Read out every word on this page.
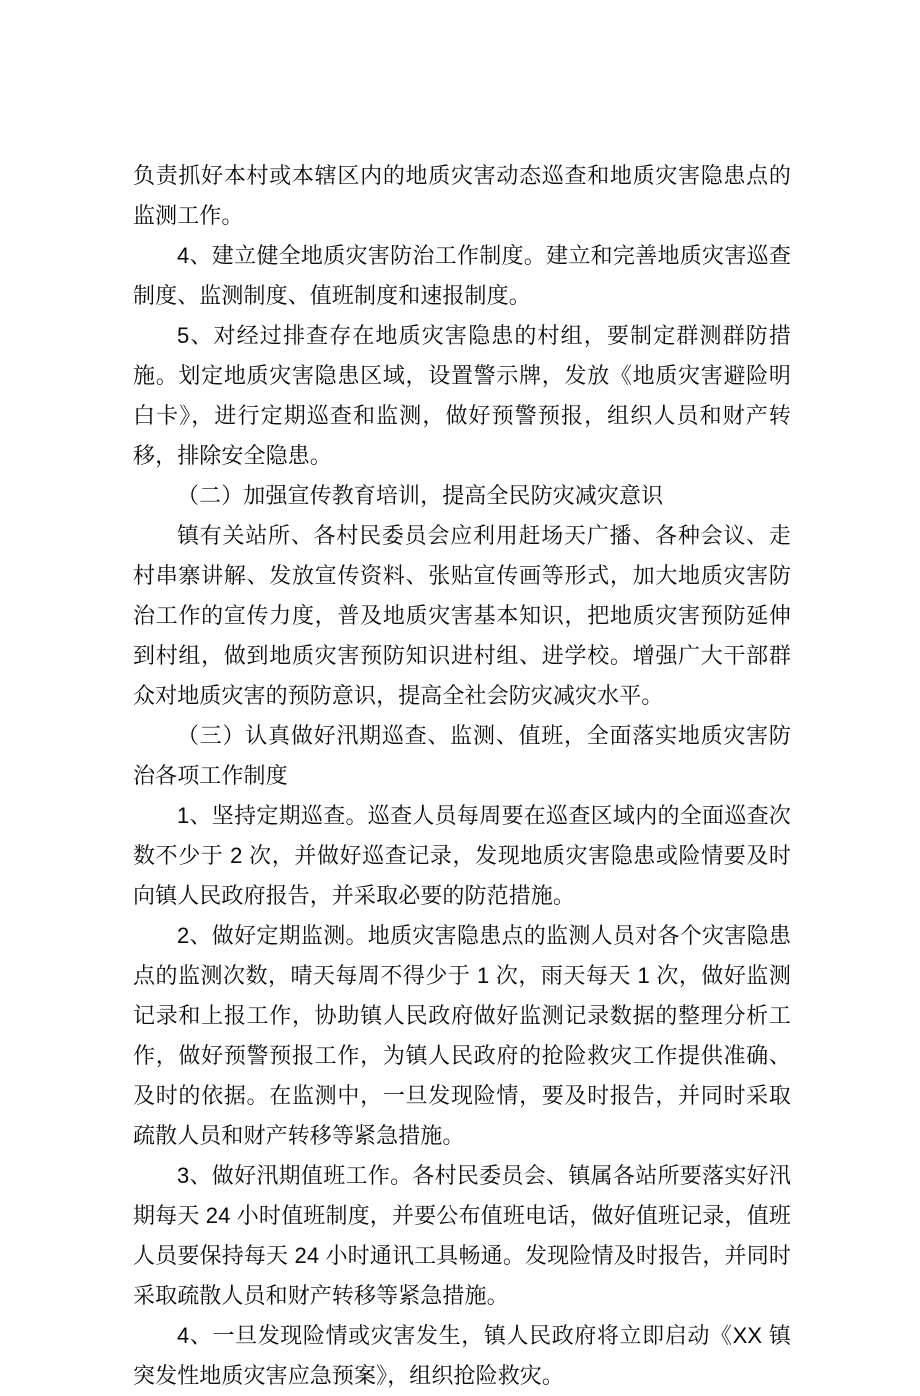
负责抓好本村或本辖区内的地质灾害动态巡查和地质灾害隐患点的监测工作。

4、建立健全地质灾害防治工作制度。建立和完善地质灾害巡查制度、监测制度、值班制度和速报制度。

5、对经过排查存在地质灾害隐患的村组，要制定群测群防措施。划定地质灾害隐患区域，设置警示牌，发放《地质灾害避险明白卡》，进行定期巡查和监测，做好预警预报，组织人员和财产转移，排除安全隐患。

（二）加强宣传教育培训，提高全民防灾减灾意识

镇有关站所、各村民委员会应利用赶场天广播、各种会议、走村串寨讲解、发放宣传资料、张贴宣传画等形式，加大地质灾害防治工作的宣传力度，普及地质灾害基本知识，把地质灾害预防延伸到村组，做到地质灾害预防知识进村组、进学校。增强广大干部群众对地质灾害的预防意识，提高全社会防灾减灾水平。

（三）认真做好汛期巡查、监测、值班，全面落实地质灾害防治各项工作制度

1、坚持定期巡查。巡查人员每周要在巡查区域内的全面巡查次数不少于 2 次，并做好巡查记录，发现地质灾害隐患或险情要及时向镇人民政府报告，并采取必要的防范措施。

2、做好定期监测。地质灾害隐患点的监测人员对各个灾害隐患点的监测次数，晴天每周不得少于 1 次，雨天每天 1 次，做好监测记录和上报工作，协助镇人民政府做好监测记录数据的整理分析工作，做好预警预报工作，为镇人民政府的抢险救灾工作提供准确、及时的依据。在监测中，一旦发现险情，要及时报告，并同时采取疏散人员和财产转移等紧急措施。

3、做好汛期值班工作。各村民委员会、镇属各站所要落实好汛期每天 24 小时值班制度，并要公布值班电话，做好值班记录，值班人员要保持每天 24 小时通讯工具畅通。发现险情及时报告，并同时采取疏散人员和财产转移等紧急措施。

4、一旦发现险情或灾害发生，镇人民政府将立即启动《XX 镇突发性地质灾害应急预案》，组织抢险救灾。
